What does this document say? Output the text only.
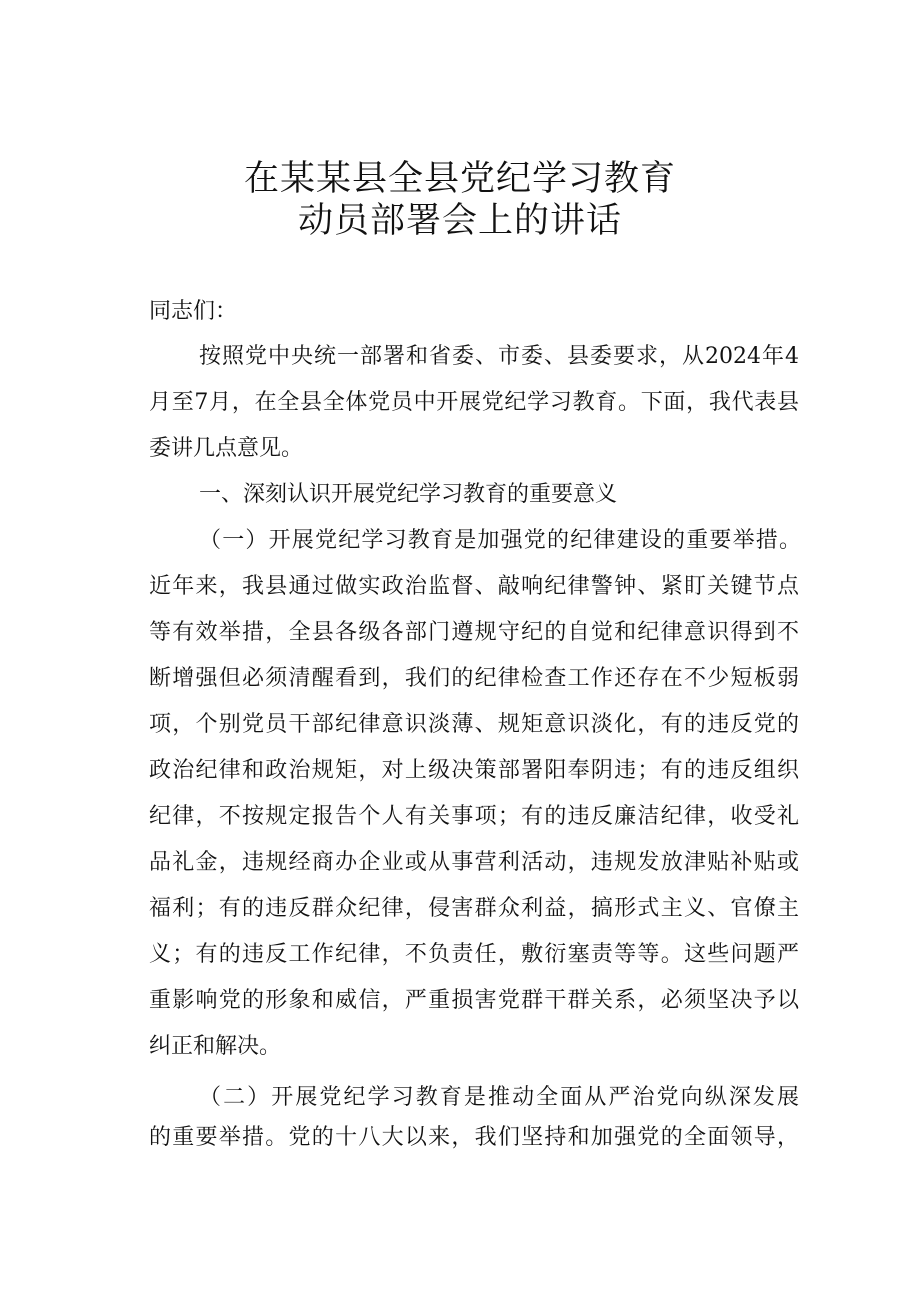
在某某县全县党纪学习教育
动员部署会上的讲话
同志们：
按照党中央统一部署和省委、市委、县委要求，从2024年4
月至7月，在全县全体党员中开展党纪学习教育。下面，我代表县
委讲几点意见。
一、深刻认识开展党纪学习教育的重要意义
（一）开展党纪学习教育是加强党的纪律建设的重要举措。
近年来，我县通过做实政治监督、敲响纪律警钟、紧盯关键节点
等有效举措，全县各级各部门遵规守纪的自觉和纪律意识得到不
断增强但必须清醒看到，我们的纪律检查工作还存在不少短板弱
项，个别党员干部纪律意识淡薄、规矩意识淡化，有的违反党的
政治纪律和政治规矩，对上级决策部署阳奉阴违；有的违反组织
纪律，不按规定报告个人有关事项；有的违反廉洁纪律，收受礼
品礼金，违规经商办企业或从事营利活动，违规发放津贴补贴或
福利；有的违反群众纪律，侵害群众利益，搞形式主义、官僚主
义；有的违反工作纪律，不负责任，敷衍塞责等等。这些问题严
重影响党的形象和威信，严重损害党群干群关系，必须坚决予以
纠正和解决。
（二）开展党纪学习教育是推动全面从严治党向纵深发展
的重要举措。党的十八大以来，我们坚持和加强党的全面领导，
